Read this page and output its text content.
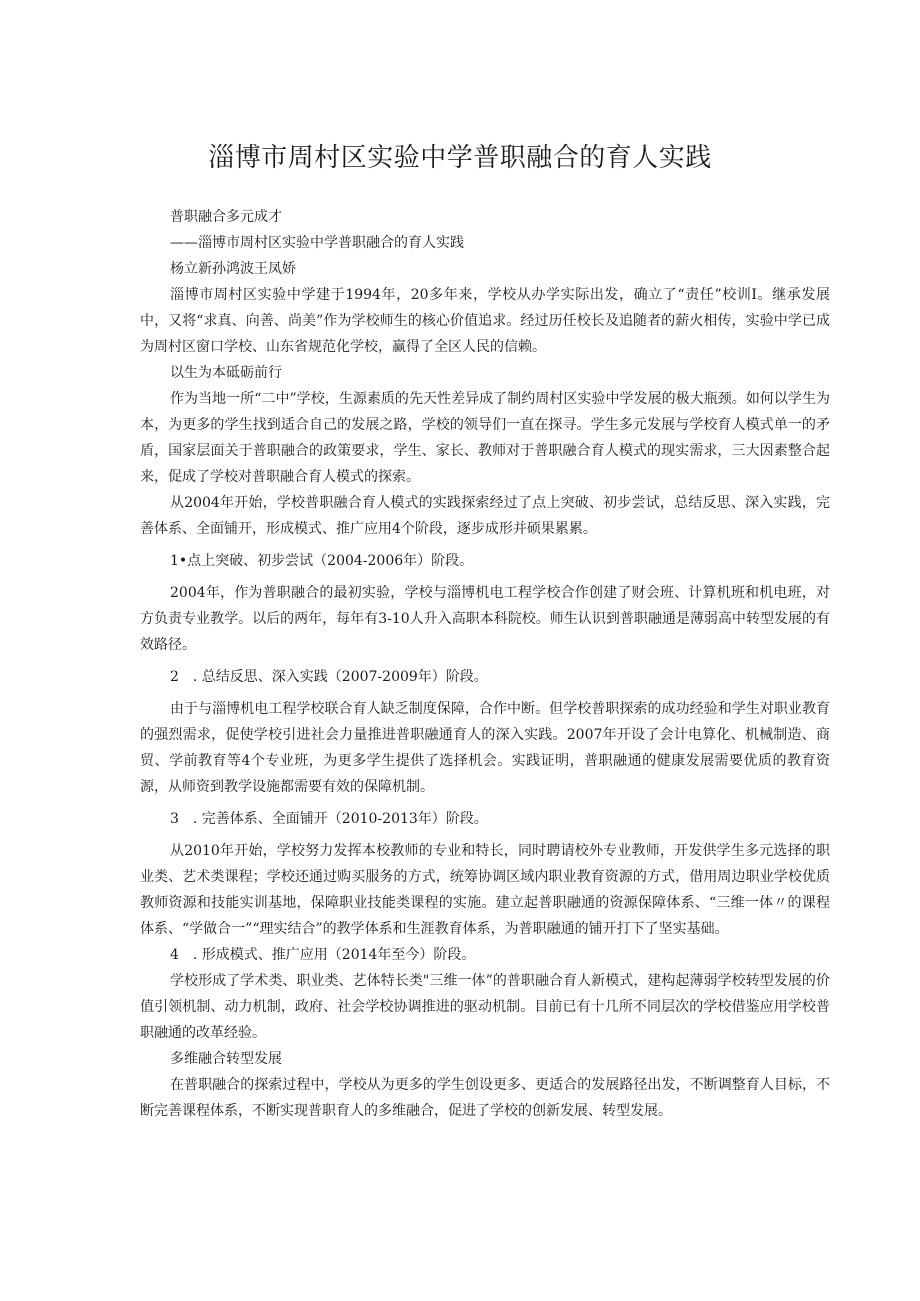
淄博市周村区实验中学普职融合的育人实践

普职融合多元成才

——淄博市周村区实验中学普职融合的育人实践

杨立新孙鸿波王凤娇

淄博市周村区实验中学建于1994年，20多年来，学校从办学实际出发，确立了“责任”校训I。继承发展中，又将“求真、向善、尚美”作为学校师生的核心价值追求。经过历任校长及追随者的薪火相传，实验中学已成为周村区窗口学校、山东省规范化学校，赢得了全区人民的信赖。

以生为本砥砺前行

作为当地一所“二中”学校，生源素质的先天性差异成了制约周村区实验中学发展的极大瓶颈。如何以学生为本，为更多的学生找到适合自己的发展之路，学校的领导们一直在探寻。学生多元发展与学校育人模式单一的矛盾，国家层面关于普职融合的政策要求，学生、家长、教师对于普职融合育人模式的现实需求，三大因素整合起来，促成了学校对普职融合育人模式的探索。

从2004年开始，学校普职融合育人模式的实践探索经过了点上突破、初步尝试，总结反思、深入实践，完善体系、全面铺开，形成模式、推广应用4个阶段，逐步成形并硕果累累。

1•点上突破、初步尝试（2004-2006年）阶段。

2004年，作为普职融合的最初实验，学校与淄博机电工程学校合作创建了财会班、计算机班和机电班，对方负责专业教学。以后的两年，每年有3-10人升入高职本科院校。师生认识到普职融通是薄弱高中转型发展的有效路径。

2　. 总结反思、深入实践（2007-2009年）阶段。

由于与淄博机电工程学校联合育人缺乏制度保障，合作中断。但学校普职探索的成功经验和学生对职业教育的强烈需求，促使学校引进社会力量推进普职融通育人的深入实践。2007年开设了会计电算化、机械制造、商贸、学前教育等4个专业班，为更多学生提供了选择机会。实践证明，普职融通的健康发展需要优质的教育资源，从师资到教学设施都需要有效的保障机制。

3　. 完善体系、全面铺开（2010-2013年）阶段。

从2010年开始，学校努力发挥本校教师的专业和特长，同时聘请校外专业教师，开发供学生多元选择的职业类、艺术类课程；学校还通过购买服务的方式，统筹协调区域内职业教育资源的方式，借用周边职业学校优质教师资源和技能实训基地，保障职业技能类课程的实施。建立起普职融通的资源保障体系、“三维一体〃的课程体系、“学做合一”“理实结合”的教学体系和生涯教育体系，为普职融通的铺开打下了坚实基础。

4　. 形成模式、推广应用（2014年至今）阶段。

学校形成了学术类、职业类、艺体特长类"三维一体”的普职融合育人新模式，建构起薄弱学校转型发展的价值引领机制、动力机制，政府、社会学校协调推进的驱动机制。目前已有十几所不同层次的学校借鉴应用学校普职融通的改革经验。

多维融合转型发展

在普职融合的探索过程中，学校从为更多的学生创设更多、更适合的发展路径出发，不断调整育人目标，不断完善课程体系，不断实现普职育人的多维融合，促进了学校的创新发展、转型发展。
